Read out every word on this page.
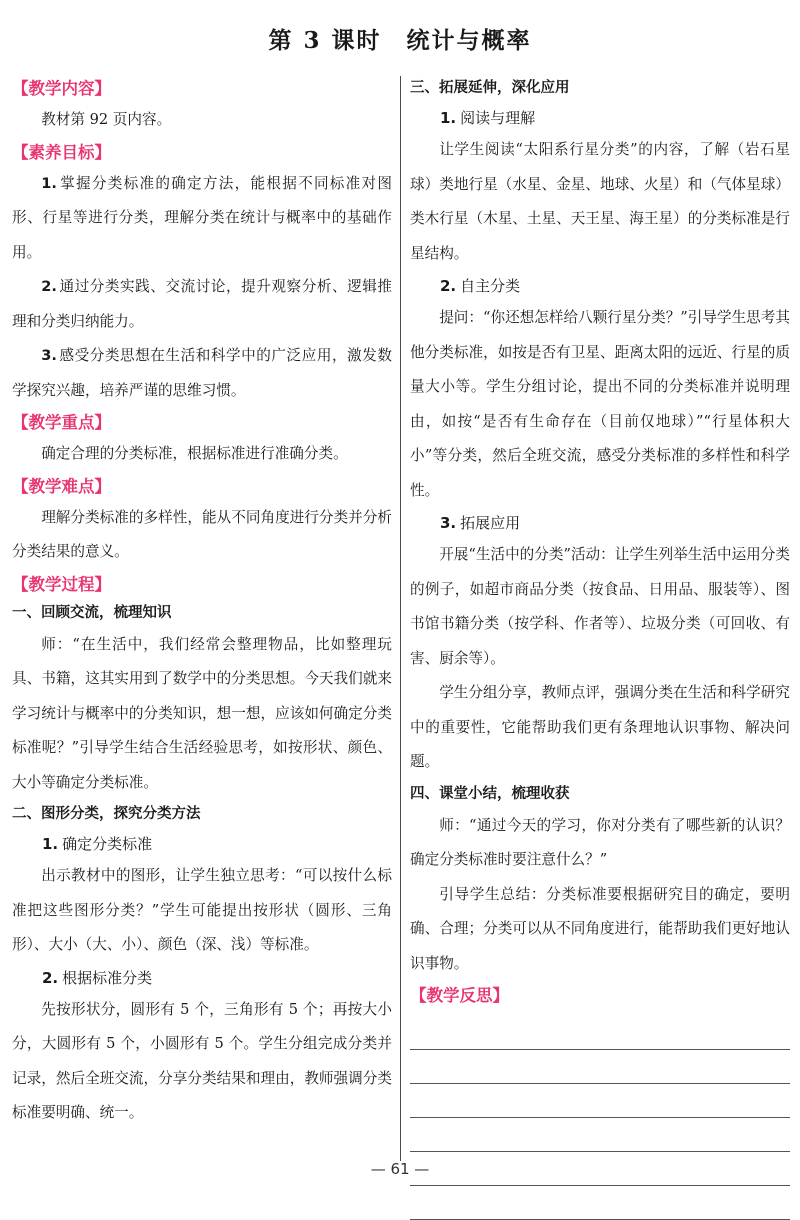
第 3 课时　统计与概率
【教学内容】

教材第 92 页内容。

【素养目标】

1. 掌握分类标准的确定方法，能根据不同标准对图形、行星等进行分类，理解分类在统计与概率中的基础作用。

2. 通过分类实践、交流讨论，提升观察分析、逻辑推理和分类归纳能力。

3. 感受分类思想在生活和科学中的广泛应用，激发数学探究兴趣，培养严谨的思维习惯。

【教学重点】

确定合理的分类标准，根据标准进行准确分类。

【教学难点】

理解分类标准的多样性，能从不同角度进行分类并分析分类结果的意义。

【教学过程】
一、回顾交流，梳理知识

师：“在生活中，我们经常会整理物品，比如整理玩具、书籍，这其实用到了数学中的分类思想。今天我们就来学习统计与概率中的分类知识，想一想，应该如何确定分类标准呢？”引导学生结合生活经验思考，如按形状、颜色、大小等确定分类标准。

二、图形分类，探究分类方法
1. 确定分类标准

出示教材中的图形，让学生独立思考：“可以按什么标准把这些图形分类？”学生可能提出按形状（圆形、三角形）、大小（大、小）、颜色（深、浅）等标准。

2. 根据标准分类

先按形状分，圆形有 5 个，三角形有 5 个；再按大小分，大圆形有 5 个，小圆形有 5 个。学生分组完成分类并记录，然后全班交流，分享分类结果和理由，教师强调分类标准要明确、统一。

三、拓展延伸，深化应用
1. 阅读与理解

让学生阅读“太阳系行星分类”的内容，了解（岩石星球）类地行星（水星、金星、地球、火星）和（气体星球）类木行星（木星、土星、天王星、海王星）的分类标准是行星结构。

2. 自主分类

提问：“你还想怎样给八颗行星分类？”引导学生思考其他分类标准，如按是否有卫星、距离太阳的远近、行星的质量大小等。学生分组讨论，提出不同的分类标准并说明理由，如按“是否有生命存在（目前仅地球）”“行星体积大小”等分类，然后全班交流，感受分类标准的多样性和科学性。

3. 拓展应用

开展“生活中的分类”活动：让学生列举生活中运用分类的例子，如超市商品分类（按食品、日用品、服装等）、图书馆书籍分类（按学科、作者等）、垃圾分类（可回收、有害、厨余等）。

学生分组分享，教师点评，强调分类在生活和科学研究中的重要性，它能帮助我们更有条理地认识事物、解决问题。

四、课堂小结，梳理收获

师：“通过今天的学习，你对分类有了哪些新的认识？确定分类标准时要注意什么？”

引导学生总结：分类标准要根据研究目的确定，要明确、合理；分类可以从不同角度进行，能帮助我们更好地认识事物。

【教学反思】
— 61 —
